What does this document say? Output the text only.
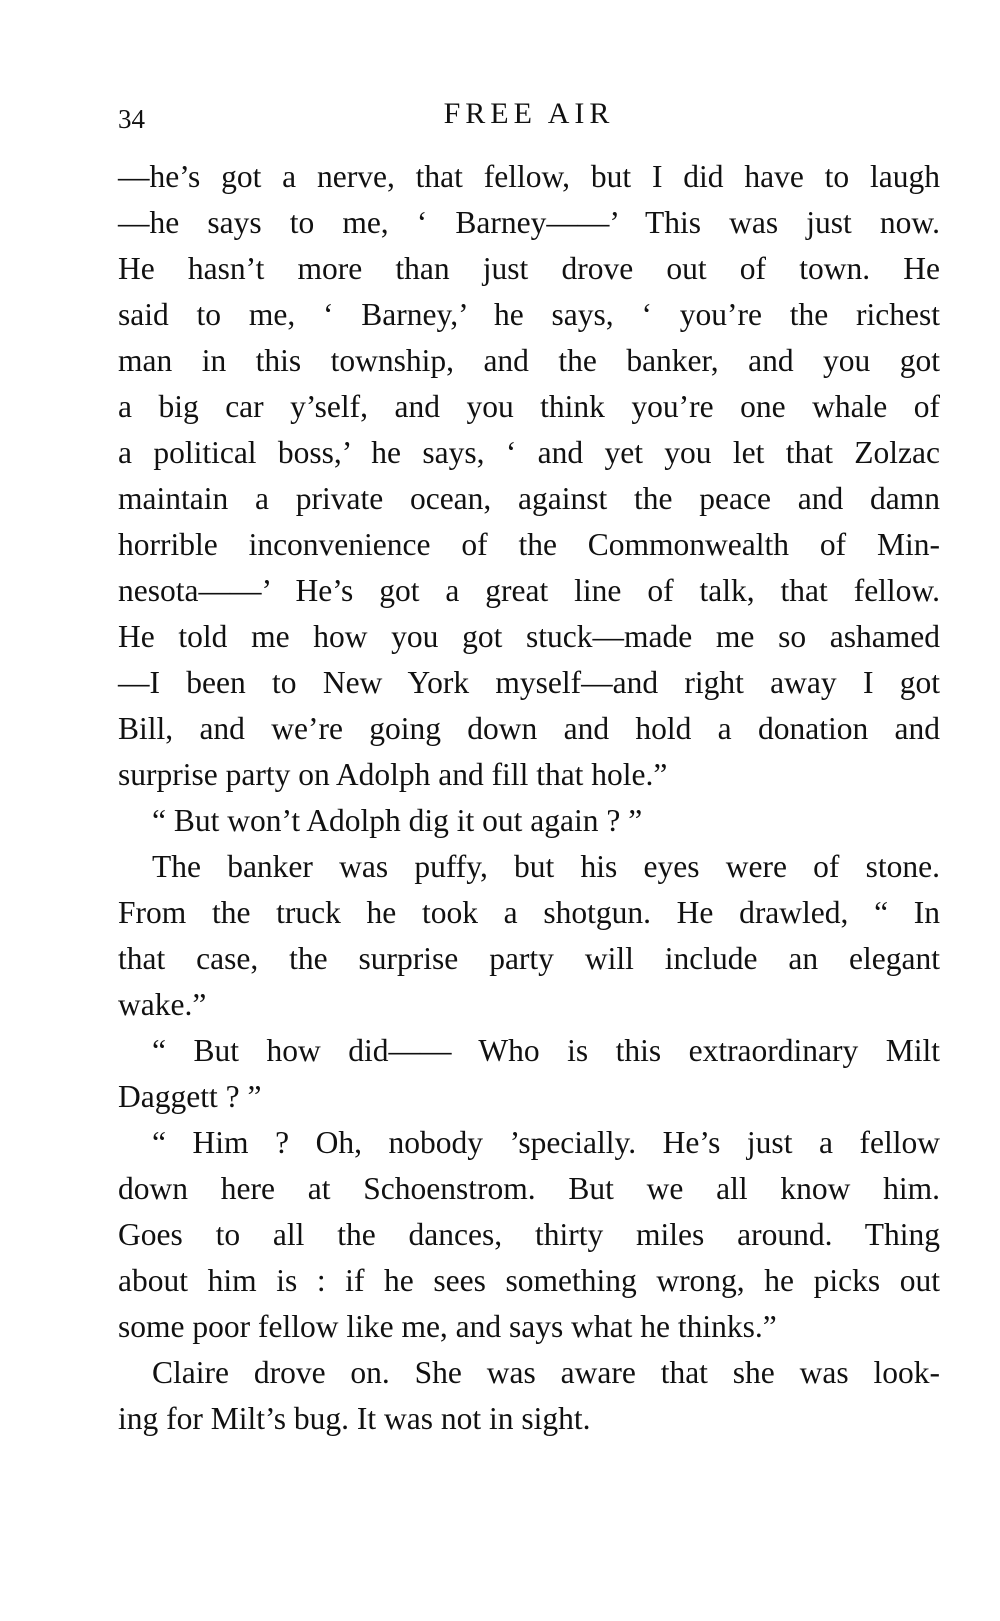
34	FREE AIR
—he’s got a nerve, that fellow, but I did have to laugh
—he says to me, ‘ Barney——’ This was just now.
He hasn’t more than just drove out of town. He
said to me, ‘ Barney,’ he says, ‘ you’re the richest
man in this township, and the banker, and you got
a big car y’self, and you think you’re one whale of
a political boss,’ he says, ‘ and yet you let that Zolzac
maintain a private ocean, against the peace and damn
horrible inconvenience of the Commonwealth of Min-
nesota——’ He’s got a great line of talk, that fellow.
He told me how you got stuck—made me so ashamed
—I been to New York myself—and right away I got
Bill, and we’re going down and hold a donation and
surprise party on Adolph and fill that hole.”
“ But won’t Adolph dig it out again ? ”
The banker was puffy, but his eyes were of stone.
From the truck he took a shotgun. He drawled, “ In
that case, the surprise party will include an elegant
wake.”
“ But how did—— Who is this extraordinary Milt
Daggett ? ”
“ Him ? Oh, nobody ’specially. He’s just a fellow
down here at Schoenstrom. But we all know him.
Goes to all the dances, thirty miles around. Thing
about him is : if he sees something wrong, he picks out
some poor fellow like me, and says what he thinks.”
Claire drove on. She was aware that she was look-
ing for Milt’s bug. It was not in sight.
